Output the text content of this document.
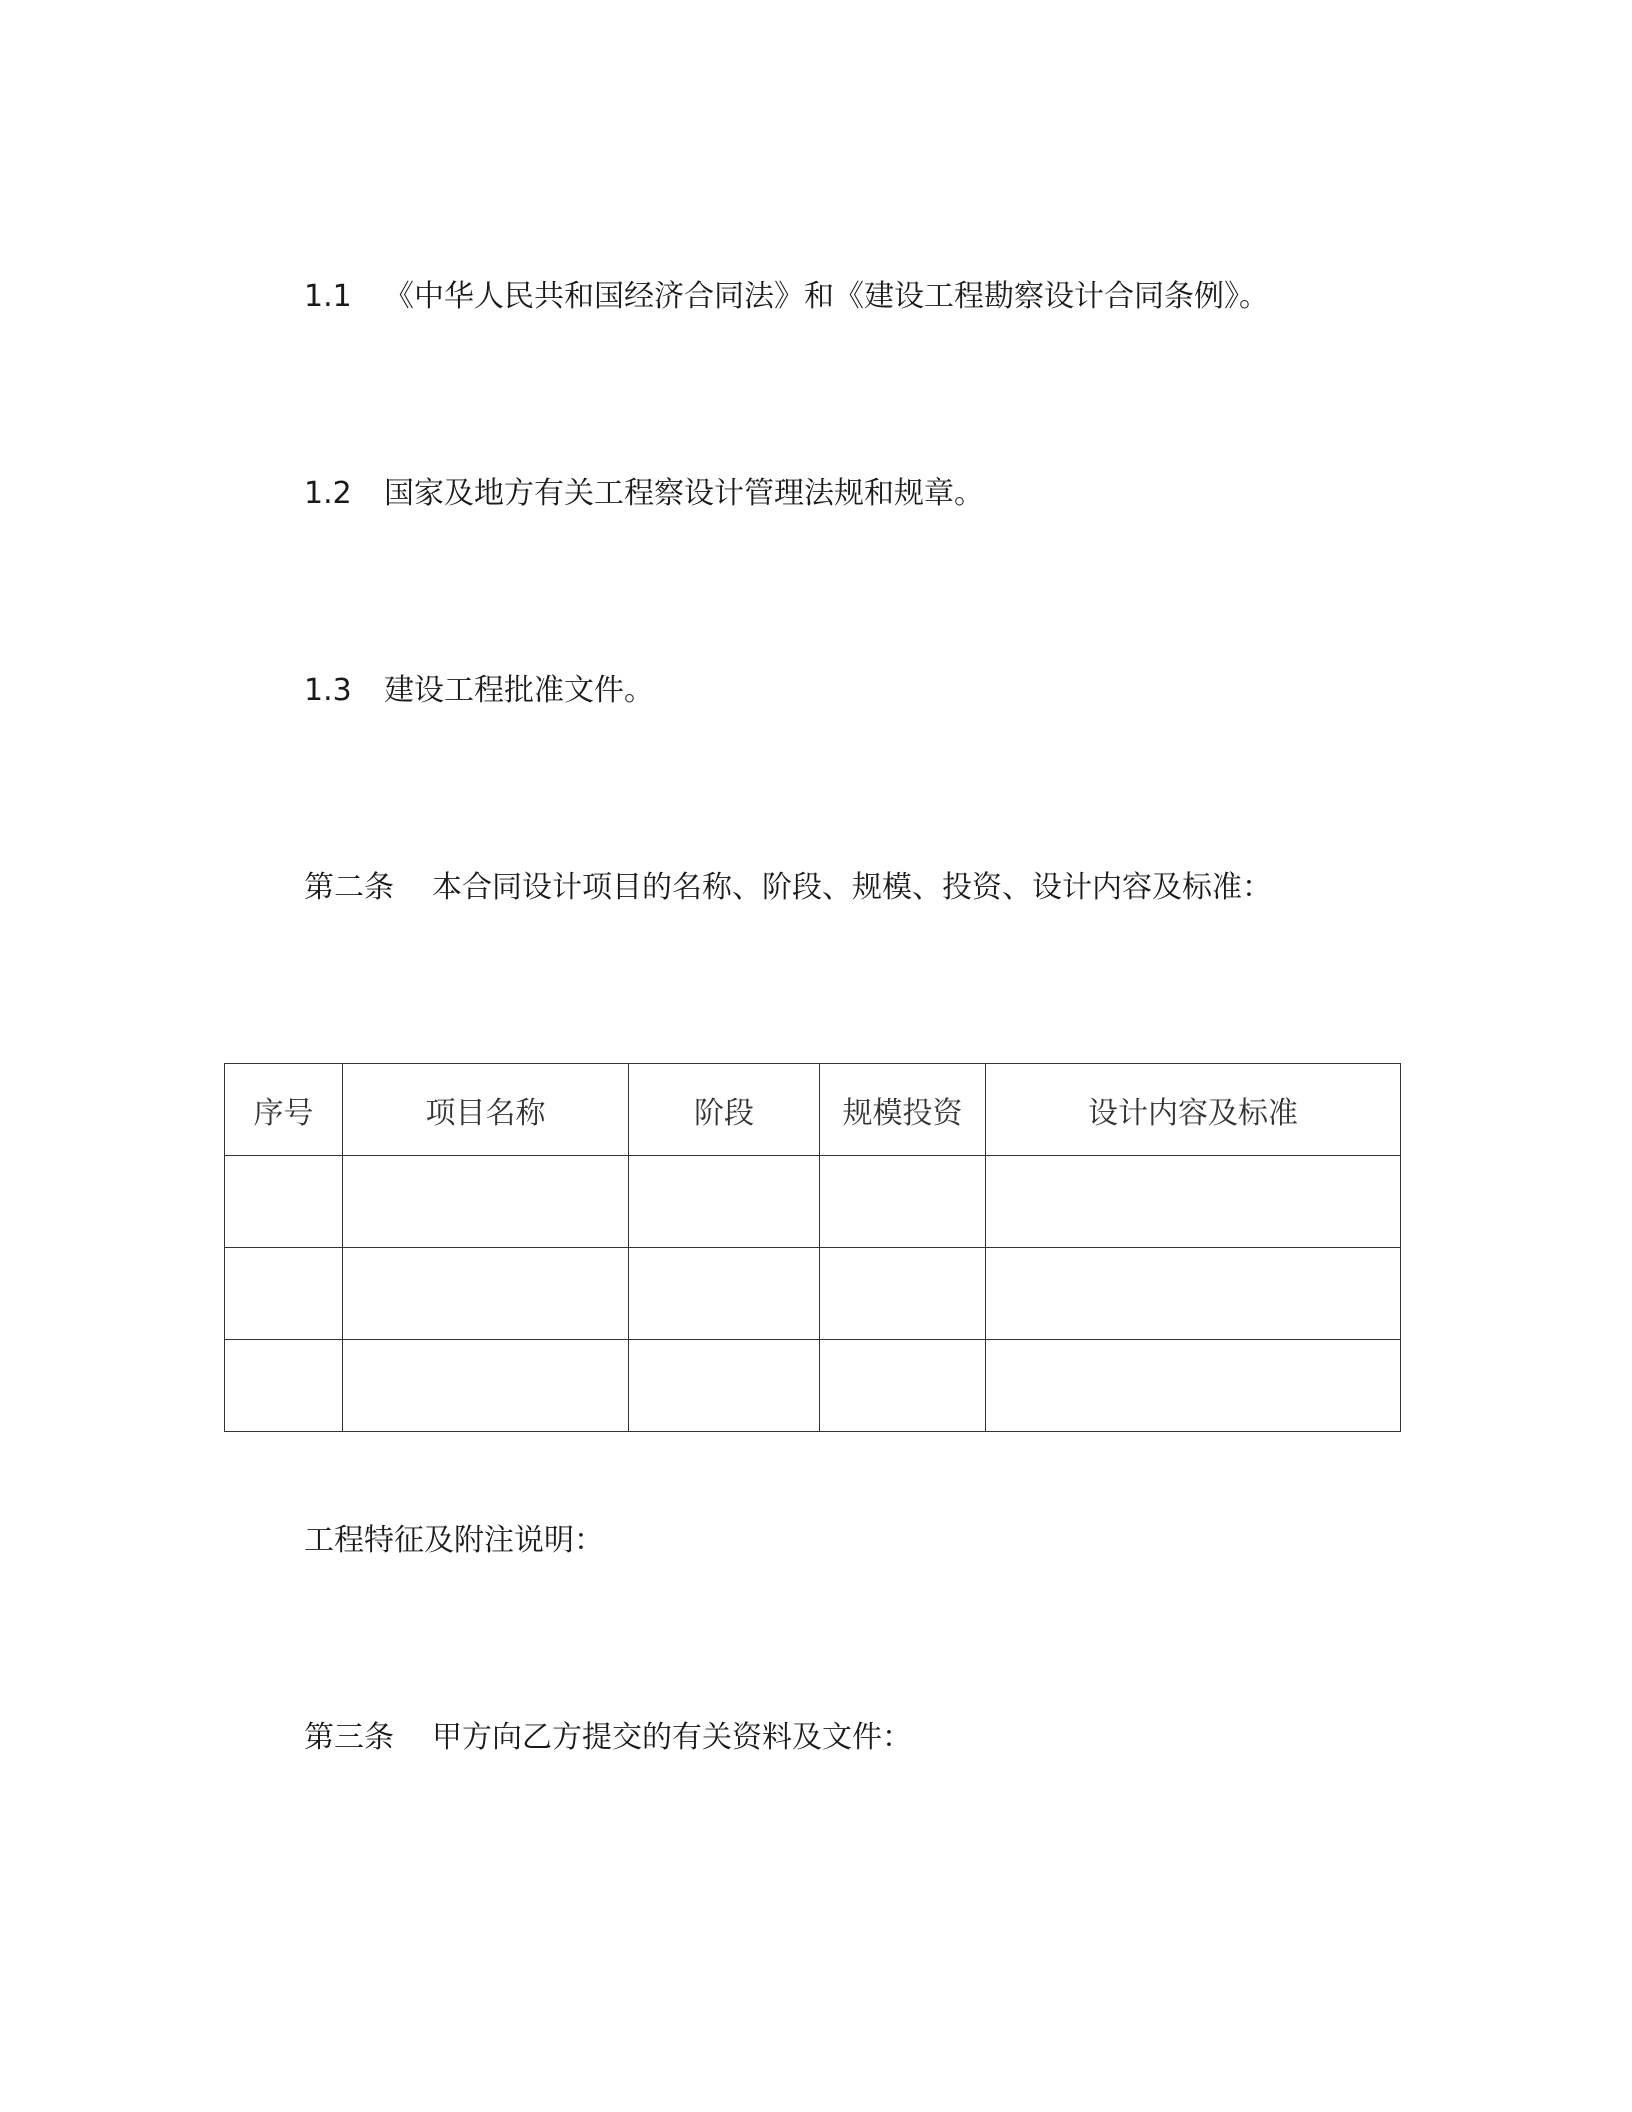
1.1 《中华人民共和国经济合同法》和《建设工程勘察设计合同条例》。
1.2 国家及地方有关工程察设计管理法规和规章。
1.3 建设工程批准文件。
第二条 本合同设计项目的名称、阶段、规模、投资、设计内容及标准：
序号	项目名称	阶段	规模投资	设计内容及标准

工程特征及附注说明：
第三条 甲方向乙方提交的有关资料及文件：
